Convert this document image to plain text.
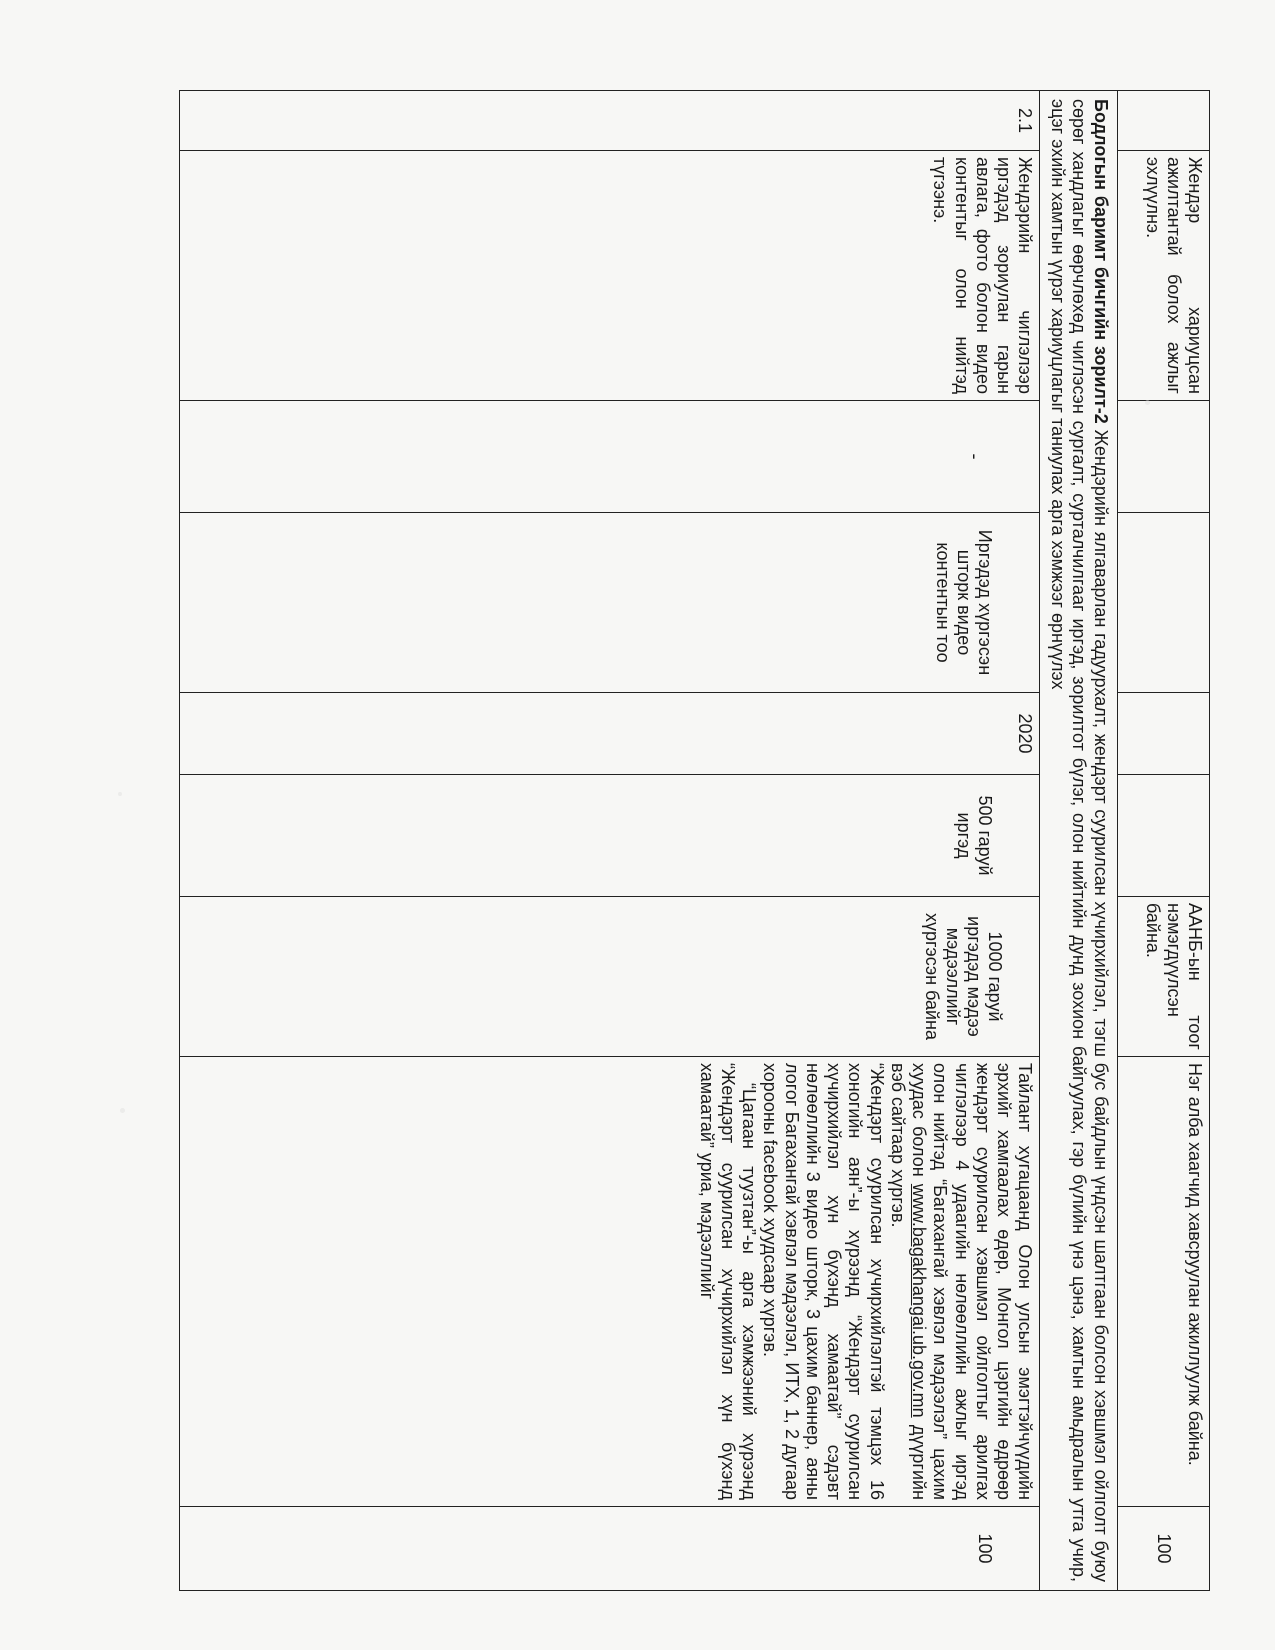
	Жендэр хариуцсан ажилтантай болох ажлыг эхлүүлнэ.					ААНБ-ын тоог нэмэгдүүлсэн байна.	Нэг алба хаагчид хавсруулан ажиллуулж байна.	100
Бодлогын баримт бичгийн зорилт-2 Жендэрийн ялгаварлан гадуурхалт, жендэрт суурилсан хүчирхийлэл, тэгш бус байдлын үндсэн шалтгаан болсон хэвшмэл ойлголт буюу сөрөг хандлагыг өөрчлөхөд чиглэсэн сургалт, сурталчилгааг иргэд, зорилтот бүлэг, олон нийтийн дунд зохион байгуулах, гэр бүлийн үнэ цэнэ, хамтын амьдралын утга учир, эцэг эхийн хамтын үүрэг хариуцлагыг таниулах арга хэмжээг өрнүүлэх								
2.1	Жендэрийн чиглэлээр иргэдэд зориулан гарын авлага, фото болон видео контентыг олон нийтэд түгээнэ.	-	Иргэдэд хүргэсэн шторк видео контентын тоо	2020	500 гаруй иргэд	1000 гаруй иргэдэд мэдээ мэдээллийг хүргэсэн байна	Тайлант хугацаанд Олон улсын эмэгтэйчүүдийн эрхийг хамгаалах өдөр, Монгол цэргийн өдрөөр жендэрт суурилсан хэвшмэл ойлголтыг арилгах чиглэлээр 4 удаагийн нөлөөллийн ажлыг иргэд олон нийтэд “Багахангай хэвлэл мэдээлэл” цахим хуудас болон www.bagakhangai.ub.gov.mn дүүргийн вэб сайтаар хүргэв.
“Жендэрт суурилсан хүчирхийлэлтэй тэмцэх 16 хоногийн аян”-ы хүрээнд “Жендэрт суурилсан хүчирхийлэл хүн бүхэнд хамаатай” сэдэвт нөлөөллийн 3 видео шторк, 3 цахим баннер, аяны логог Багахангай хэвлэл мэдээлэл, ИТХ, 1, 2 дугаар хорооны facebook хуудсаар хүргэв.
“Цагаан туузтан”-ы арга хэмжээний хүрээнд “Жендэрт суурилсан хүчирхийлэл хүн бүхэнд хамаатай” уриа, мэдээллийг	100
